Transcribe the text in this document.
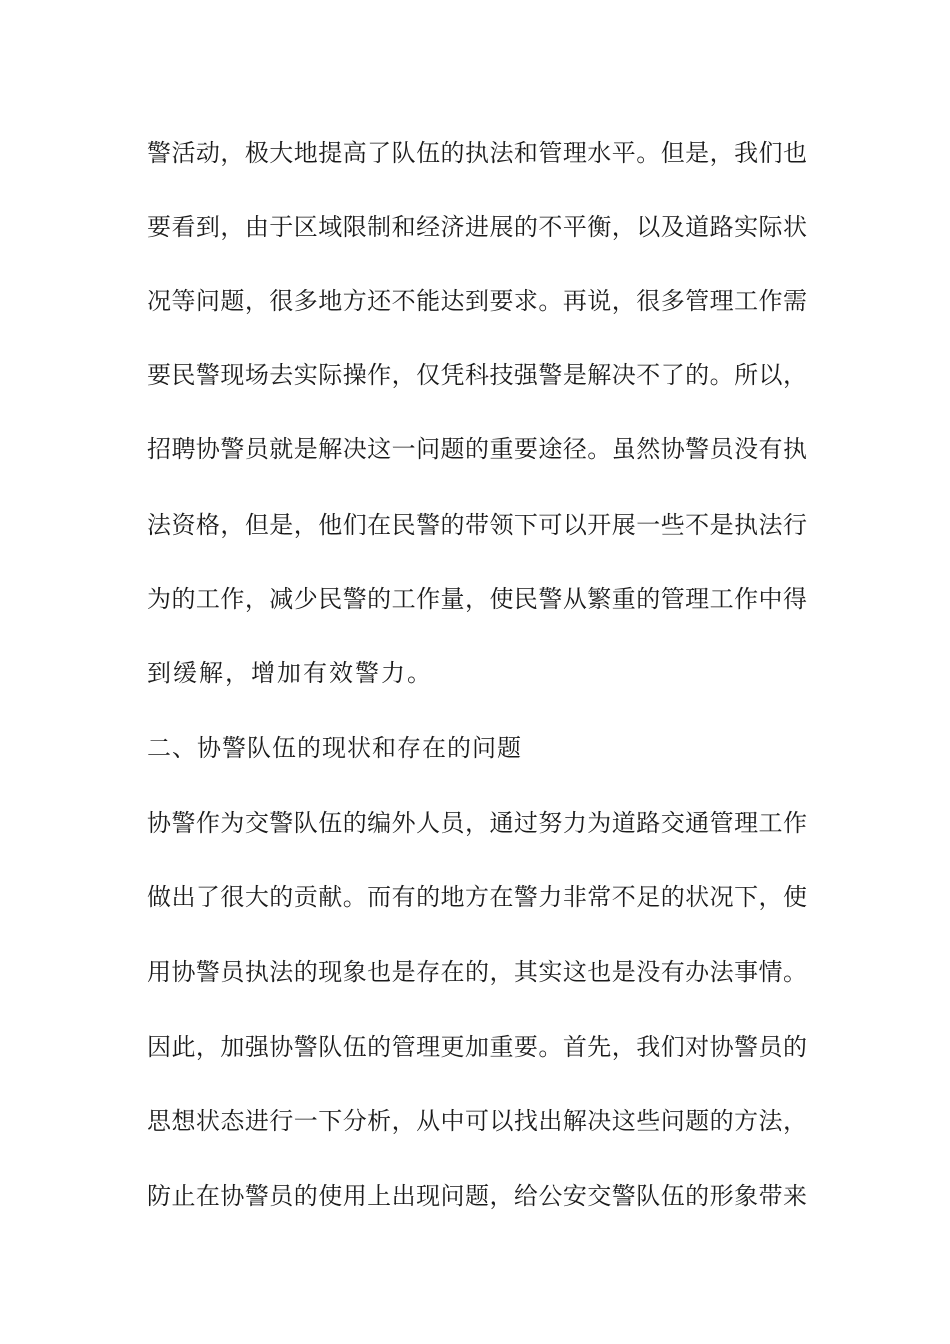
警活动，极大地提高了队伍的执法和管理水平。但是，我们也
要看到，由于区域限制和经济进展的不平衡，以及道路实际状
况等问题，很多地方还不能达到要求。再说，很多管理工作需
要民警现场去实际操作，仅凭科技强警是解决不了的。所以，
招聘协警员就是解决这一问题的重要途径。虽然协警员没有执
法资格，但是，他们在民警的带领下可以开展一些不是执法行
为的工作，减少民警的工作量，使民警从繁重的管理工作中得
到缓解，增加有效警力。
二、协警队伍的现状和存在的问题
协警作为交警队伍的编外人员，通过努力为道路交通管理工作
做出了很大的贡献。而有的地方在警力非常不足的状况下，使
用协警员执法的现象也是存在的，其实这也是没有办法事情。
因此，加强协警队伍的管理更加重要。首先，我们对协警员的
思想状态进行一下分析，从中可以找出解决这些问题的方法，
防止在协警员的使用上出现问题，给公安交警队伍的形象带来
